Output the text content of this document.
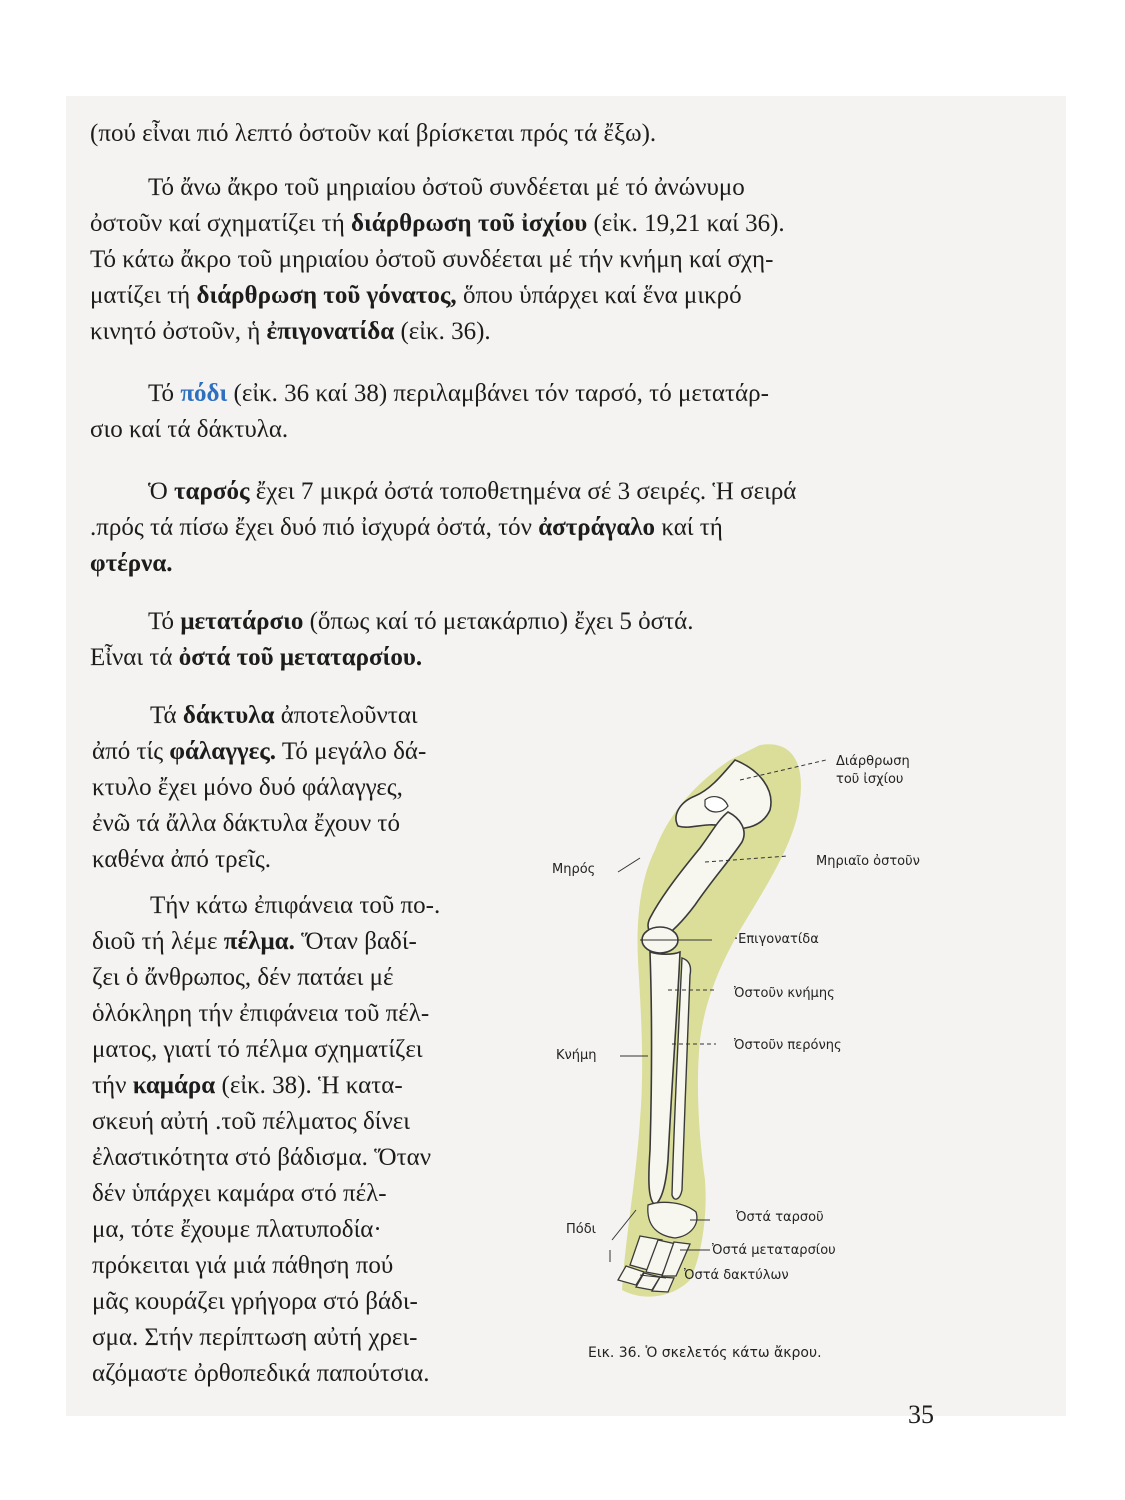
(πού εἶναι πιό λεπτό ὀστοῦν καί βρίσκεται πρός τά ἔξω).

Τό ἄνω ἄκρο τοῦ μηριαίου ὀστοῦ συνδέεται μέ τό ἀνώνυμο
ὀστοῦν καί σχηματίζει τή διάρθρωση τοῦ ἰσχίου (εἰκ. 19,21 καί 36).
Τό κάτω ἄκρο τοῦ μηριαίου ὀστοῦ συνδέεται μέ τήν κνήμη καί σχη-
ματίζει τή διάρθρωση τοῦ γόνατος, ὅπου ὑπάρχει καί ἕνα μικρό
κινητό ὀστοῦν, ἡ ἐπιγονατίδα (εἰκ. 36).

Τό πόδι (εἰκ. 36 καί 38) περιλαμβάνει τόν ταρσό, τό μετατάρ-
σιο καί τά δάκτυλα.

Ὁ ταρσός ἔχει 7 μικρά ὀστά τοποθετημένα σέ 3 σειρές. Ἡ σειρά
.πρός τά πίσω ἔχει δυό πιό ἰσχυρά ὀστά, τόν ἀστράγαλο καί τή
φτέρνα.

Τό μετατάρσιο (ὅπως καί τό μετακάρπιο) ἔχει 5 ὀστά.
Εἶναι τά ὀστά τοῦ μεταταρσίου.

Τά δάκτυλα ἀποτελοῦνται
ἀπό τίς φάλαγγες. Τό μεγάλο δά-
κτυλο ἔχει μόνο δυό φάλαγγες,
ἐνῶ τά ἄλλα δάκτυλα ἔχουν τό
καθένα ἀπό τρεῖς.

Τήν κάτω ἐπιφάνεια τοῦ πο-.
διοῦ τή λέμε πέλμα. Ὅταν βαδί-
ζει ὁ ἄνθρωπος, δέν πατάει μέ
ὁλόκληρη τήν ἐπιφάνεια τοῦ πέλ-
ματος, γιατί τό πέλμα σχηματίζει
τήν καμάρα (εἰκ. 38). Ἡ κατα-
σκευή αὐτή .τοῦ πέλματος δίνει
ἐλαστικότητα στό βάδισμα. Ὅταν
δέν ὑπάρχει καμάρα στό πέλ-
μα, τότε ἔχουμε πλατυποδία·
πρόκειται γιά μιά πάθηση πού
μᾶς κουράζει γρήγορα στό βάδι-
σμα. Στήν περίπτωση αὐτή χρει-
αζόμαστε ὀρθοπεδικά παπούτσια.

Διάρθρωση
τοῦ ἰσχίου
Μηριαῖο ὀστοῦν
Μηρός
·Επιγονατίδα
Ὀστοῦν κνήμης
Ὀστοῦν περόνης
Κνήμη
Ὀστά ταρσοῦ
Πόδι
Ὀστά μεταταρσίου
Ὀστά δακτύλων
Εικ. 36. Ὁ σκελετός κάτω ἄκρου.
35
